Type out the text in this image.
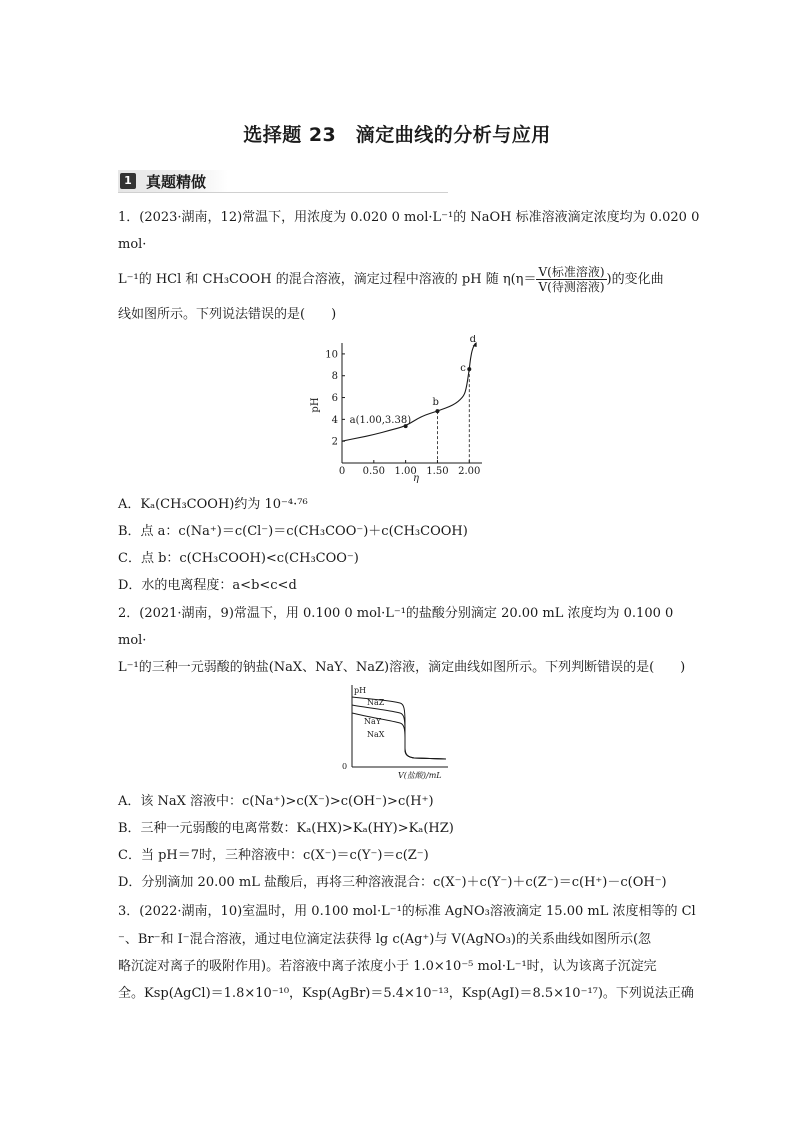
选择题 23　滴定曲线的分析与应用
1 真题精做
1．(2023·湖南，12)常温下，用浓度为 0.020 0 mol·L⁻¹的 NaOH 标准溶液滴定浓度均为 0.020 0
mol·
L⁻¹的 HCl 和 CH₃COOH 的混合溶液，滴定过程中溶液的 pH 随 $\eta(\eta= \frac{\text{V(标准溶液)}}{\text{V(待测溶液)}}$ )的变化曲
线如图所示。下列说法错误的是(　　)
2
4
6
8
10
0 0.50 1.00 1.50 2.00
pH
η
a(1.00,3.38)
b
c
d
A．Kₐ(CH₃COOH)约为 10⁻⁴·⁷⁶
B．点 a：c(Na⁺)＝c(Cl⁻)＝c(CH₃COO⁻)＋c(CH₃COOH)
C．点 b：c(CH₃COOH)<c(CH₃COO⁻)
D．水的电离程度：a<b<c<d
2．(2021·湖南，9)常温下，用 0.100 0 mol·L⁻¹的盐酸分别滴定 20.00 mL 浓度均为 0.100 0
mol·
L⁻¹的三种一元弱酸的钠盐(NaX、NaY、NaZ)溶液，滴定曲线如图所示。下列判断错误的是(　　)
pH
0
V(盐酸)/mL
NaZ
NaY
NaX
A．该 NaX 溶液中：c(Na⁺)>c(X⁻)>c(OH⁻)>c(H⁺)
B．三种一元弱酸的电离常数：Kₐ(HX)>Kₐ(HY)>Kₐ(HZ)
C．当 pH＝7时，三种溶液中：c(X⁻)＝c(Y⁻)＝c(Z⁻)
D．分别滴加 20.00 mL 盐酸后，再将三种溶液混合：c(X⁻)＋c(Y⁻)＋c(Z⁻)＝c(H⁺)－c(OH⁻)
3．(2022·湖南，10)室温时，用 0.100 mol·L⁻¹的标准 AgNO₃溶液滴定 15.00 mL 浓度相等的 Cl
⁻、Br⁻和 I⁻混合溶液，通过电位滴定法获得 lg c(Ag⁺)与 V(AgNO₃)的关系曲线如图所示(忽
略沉淀对离子的吸附作用)。若溶液中离子浓度小于 1.0×10⁻⁵ mol·L⁻¹时，认为该离子沉淀完
全。Ksp(AgCl)＝1.8×10⁻¹⁰，Ksp(AgBr)＝5.4×10⁻¹³，Ksp(AgI)＝8.5×10⁻¹⁷)。下列说法正确
